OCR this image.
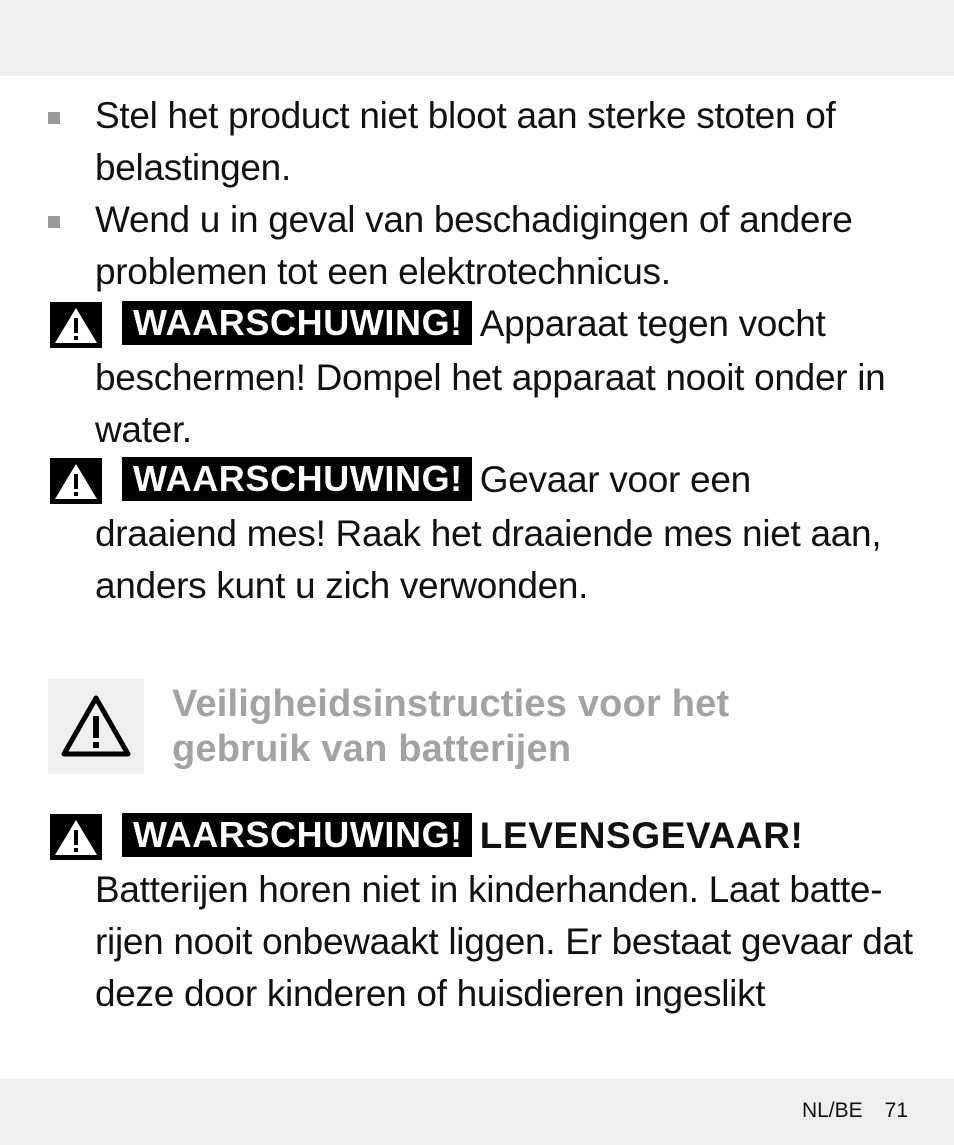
Stel het product niet bloot aan sterke stoten of belastingen.
Wend u in geval van beschadigingen of andere problemen tot een elektrotechnicus.
WAARSCHUWING! Apparaat tegen vocht
beschermen! Dompel het apparaat nooit onder in water.
WAARSCHUWING! Gevaar voor een
draaiend mes! Raak het draaiende mes niet aan, anders kunt u zich verwonden.
Veiligheidsinstructies voor het gebruik van batterijen
WAARSCHUWING! LEVENSGEVAAR!
Batterijen horen niet in kinderhanden. Laat batte-rijen nooit onbewaakt liggen. Er bestaat gevaar dat deze door kinderen of huisdieren ingeslikt
NL/BE 71
